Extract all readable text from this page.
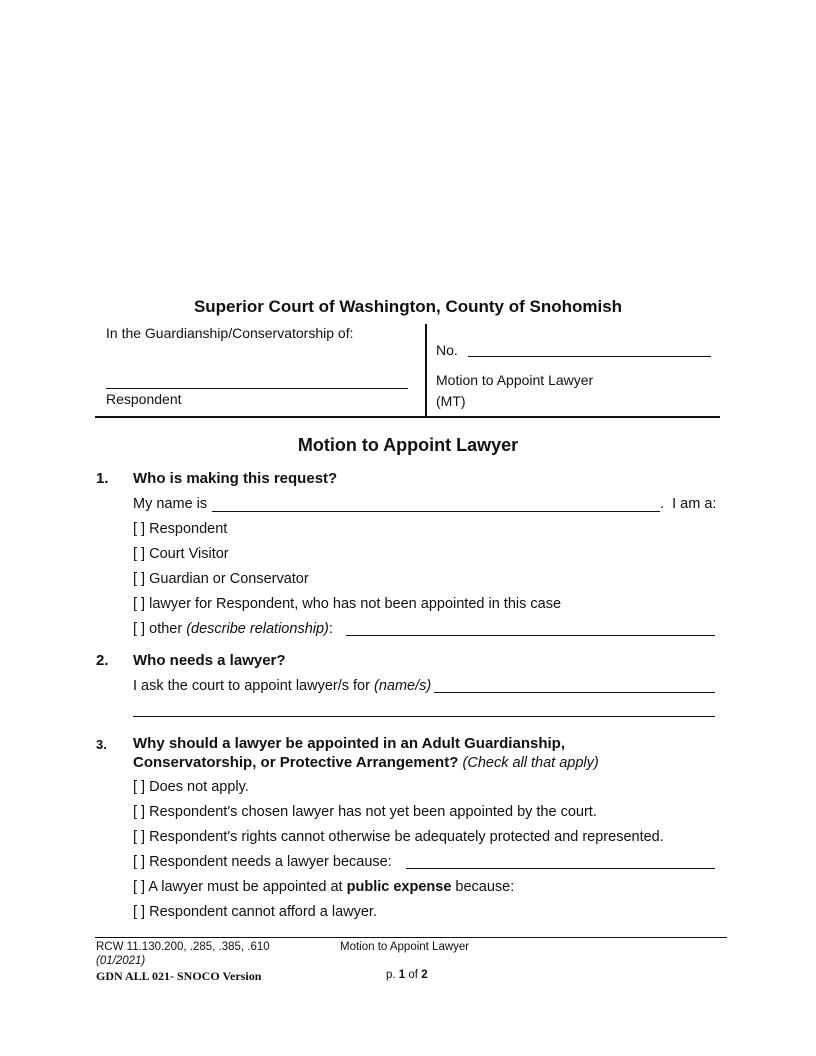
Superior Court of Washington, County of Snohomish
In the Guardianship/Conservatorship of:
Respondent
No.
Motion to Appoint Lawyer
(MT)
Motion to Appoint Lawyer
1. Who is making this request?
My name is	.  I am a:
[ ] Respondent
[ ] Court Visitor
[ ] Guardian or Conservator
[ ] lawyer for Respondent, who has not been appointed in this case
[ ] other (describe relationship):
2. Who needs a lawyer?
I ask the court to appoint lawyer/s for (name/s)
3. Why should a lawyer be appointed in an Adult Guardianship,
Conservatorship, or Protective Arrangement? (Check all that apply)
[ ] Does not apply.
[ ] Respondent's chosen lawyer has not yet been appointed by the court.
[ ] Respondent's rights cannot otherwise be adequately protected and represented.
[ ] Respondent needs a lawyer because:
[ ] A lawyer must be appointed at public expense because:
[ ] Respondent cannot afford a lawyer.
RCW 11.130.200, .285, .385, .610
(01/2021)
GDN ALL 021- SNOCO Version
Motion to Appoint Lawyer
p. 1 of 2
